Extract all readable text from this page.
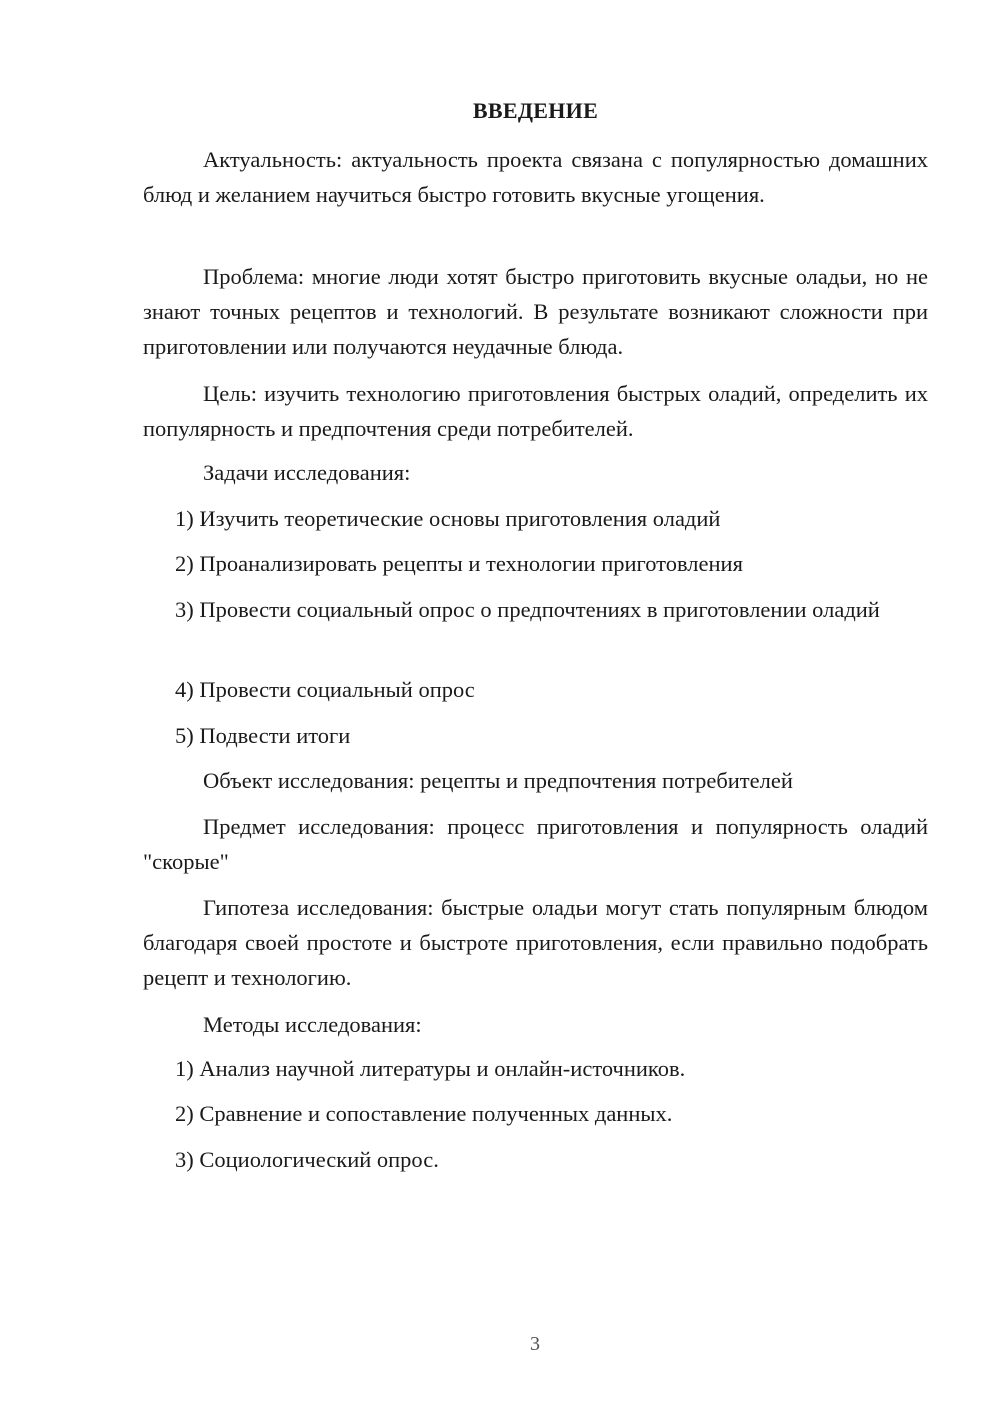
ВВЕДЕНИЕ
Актуальность: актуальность проекта связана с популярностью домашних блюд и желанием научиться быстро готовить вкусные угощения.
Проблема: многие люди хотят быстро приготовить вкусные оладьи, но не знают точных рецептов и технологий. В результате возникают сложности при приготовлении или получаются неудачные блюда.
Цель: изучить технологию приготовления быстрых оладий, определить их популярность и предпочтения среди потребителей.
Задачи исследования:
1) Изучить теоретические основы приготовления оладий
2) Проанализировать рецепты и технологии приготовления
3) Провести социальный опрос о предпочтениях в приготовлении оладий
4) Провести социальный опрос
5) Подвести итоги
Объект исследования: рецепты и предпочтения потребителей
Предмет исследования: процесс приготовления и популярность оладий "скорые"
Гипотеза исследования: быстрые оладьи могут стать популярным блюдом благодаря своей простоте и быстроте приготовления, если правильно подобрать рецепт и технологию.
Методы исследования:
1) Анализ научной литературы и онлайн-источников.
2) Сравнение и сопоставление полученных данных.
3) Социологический опрос.
3
